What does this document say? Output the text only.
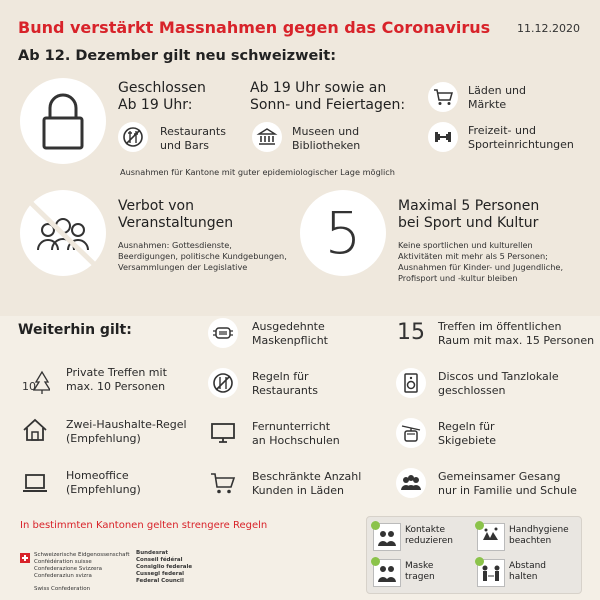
Bund verstärkt Massnahmen gegen das Coronavirus 11.12.2020
Ab 12. Dezember gilt neu schweizweit:
Geschlossen
Ab 19 Uhr:
Restaurants
und Bars
Ab 19 Uhr sowie an
Sonn- und Feiertagen:
Museen und
Bibliotheken
Läden und
Märkte
Freizeit- und
Sporteinrichtungen
Ausnahmen für Kantone mit guter epidemiologischer Lage möglich
Verbot von
Veranstaltungen
Ausnahmen: Gottesdienste,
Beerdigungen, politische Kundgebungen,
Versammlungen der Legislative	5	Maximal 5 Personen
bei Sport und Kultur
Keine sportlichen und kulturellen
Aktivitäten mit mehr als 5 Personen;
Ausnahmen für Kinder- und Jugendliche,
Profisport und -kultur bleiben
Weiterhin gilt:
10
Private Treffen mit
max. 10 Personen
Zwei-Haushalte-Regel
(Empfehlung)
Homeoffice
(Empfehlung)
Ausgedehnte
Maskenpflicht
Regeln für
Restaurants
Fernunterricht
an Hochschulen
Beschränkte Anzahl
Kunden in Läden
15 Treffen im öffentlichen
Raum mit max. 15 Personen
Discos und Tanzlokale
geschlossen
Regeln für
Skigebiete
Gemeinsamer Gesang
nur in Familie und Schule
In bestimmten Kantonen gelten strengere Regeln
Schweizerische Eidgenossenschaft
Confédération suisse
Confederazione Svizzera
Confederaziun svizra
Swiss Confederation
Bundesrat
Conseil fédéral
Consiglio federale
Cussegl federal
Federal Council
Kontakte
reduzieren
Handhygiene
beachten
Maske
tragen
Abstand
halten
